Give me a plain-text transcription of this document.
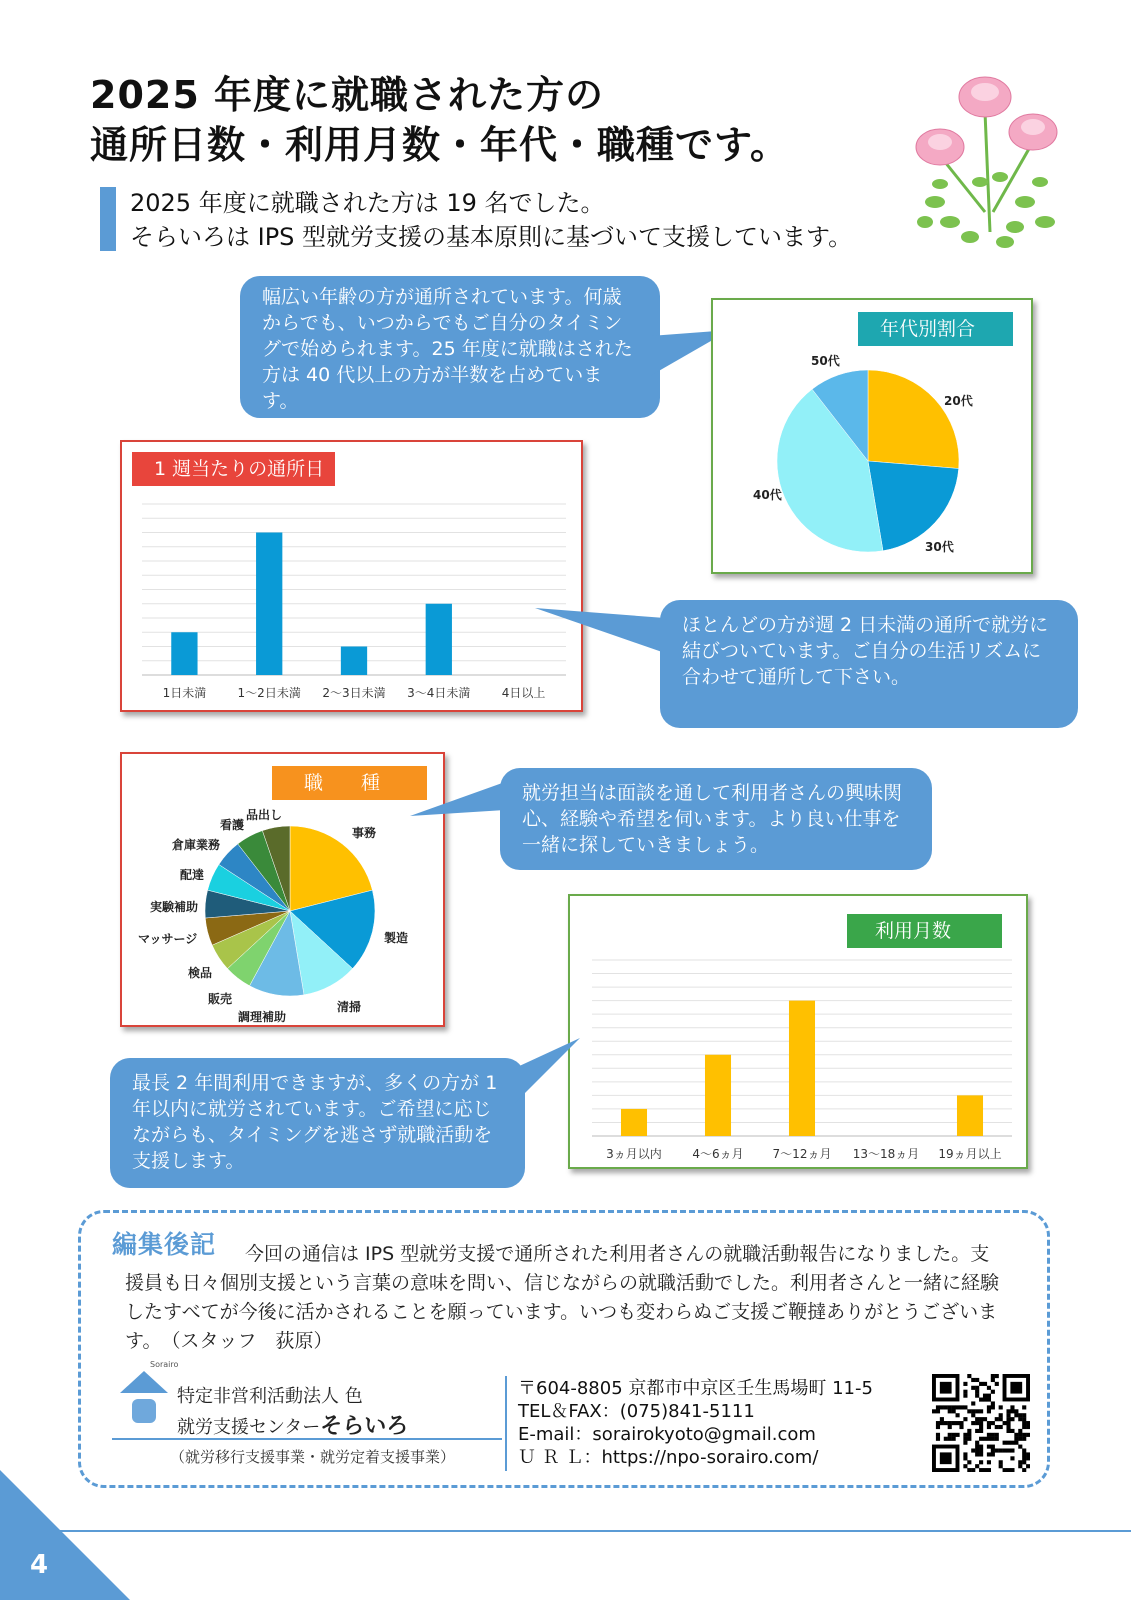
2025 年度に就職された方の
通所日数・利用月数・年代・職種です。
2025 年度に就職された方は 19 名でした。
そらいろは IPS 型就労支援の基本原則に基づいて支援しています。
幅広い年齢の方が通所されています。何歳からでも、いつからでもご自分のタイミングで始められます。25 年度に就職はされた方は 40 代以上の方が半数を占めています。
年代別割合
50代
20代
40代
30代
1 週当たりの通所日数
1日未満	1～2日未満 2～3日未満 3～4日未満	4日以上
ほとんどの方が週 2 日未満の通所で就労に結びついています。ご自分の生活リズムに合わせて通所して下さい。
職　　種
事務
製造
清掃
調理補助
販売
検品
マッサージ
実験補助
配達
倉庫業務
看護
品出し
就労担当は面談を通して利用者さんの興味関心、経験や希望を伺います。より良い仕事を一緒に探していきましょう。
利用月数
3ヵ月以内	4～6ヵ月 7～12ヵ月 13～18ヵ月 19ヵ月以上
最長 2 年間利用できますが、多くの方が 1 年以内に就労されています。ご希望に応じながらも、タイミングを逃さず就職活動を支援します。
編集後記	今回の通信は IPS 型就労支援で通所された利用者さんの就職活動報告になりました。支援員も日々個別支援という言葉の意味を問い、信じながらの就職活動でした。利用者さんと一緒に経験したすべてが今後に活かされることを願っています。いつも変わらぬご支援ご鞭撻ありがとうございます。　（スタッフ　荻原）
Sorairo
特定非営利活動法人 色
就労支援センターそらいろ
（就労移行支援事業・就労定着支援事業）
〒604-8805 京都市中京区壬生馬場町 11-5
TEL＆FAX：(075)841-5111
E-mail：sorairokyoto@gmail.com
Ｕ Ｒ Ｌ：https://npo-sorairo.com/
4
